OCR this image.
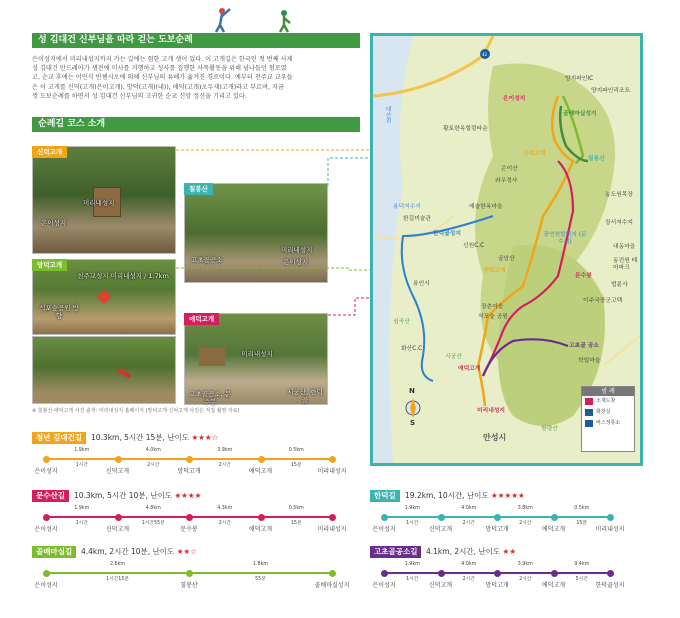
성 김대건 신부님을 따라 걷는 도보순례
은이성지에서 미리내성지까지 가는 길에는 험한 고개 셋이 있다. 이 고개길은 한국인 첫 번째 사제
성 김대건 안드레아가 생전에 미사를 거행하고 성사를 집행한 사목활동을 위해 넘나들던 험로였
고, 순교 후에는 이민식 빈첸시오에 의해 신부님의 유해가 옮겨진 경로이다. 예부터 천주교 교우들
은 이 고개를 신덕(고개)은이고개), 망덕(고개)(내)), 애덕(고개)오두재)고개)라고 부르며, 지금
껏 도보순례를 하면서 성 김대건 신부님의 고귀한 순교 신앙 정신을 기리고 있다.
순례길 코스 소개
미리내성지
은이성지
신덕고개
고초골공소
미리내성지
은이성지
칠봉산
석포숲공원 방향
천주교성지 미리내성지 / 1.7km
망덕고개
미리내성지
고초골공소, 문수봉
시궁산, 한덕골
애덕고개
※ 칠봉산·애덕고개 사진 출처: 미리내성지 홈페이지 (망덕고개·신덕고개 사진은 직접 촬영 자료)
양지파인IC
양지파인리조트
은이성지
골배마실성지
황토한옥힐링타운
신덕고개
칠봉산
은이산
와우정사
농도원목장
예술한옥마을
용덕저수지
한길미술관
한덕골성지
신원C.C
광연천발원지 (문수샘)
장서저수지
골암산
망덕고개
문수봉
내동마을
동진원 테마파크
법륜사
이주국장군고택
용인시
장촌마을
석포숲 공원
심곡산
화산C.C
시궁산
애덕고개
고초골 공소
학일마을
미리내성지
쌍령산
안성시
대산천
N
S
42
범 례
소재드찾
화장실
버스정류소
청년 김대건길	10.3km, 5시간 15분, 난이도 ★★★☆
은이성지	신덕고개	망덕고개	애덕고개	미리내성지
1.9km
1시간
4.0km
2시간
3.9km
2시간
0.5km
15분
문수산길	10.3km, 5시간 10분, 난이도 ★★★★
은이성지	신덕고개	문수봉	애덕고개	미리내성지
1.9km
1시간
4.8km
1시간55분
4.3km
2시간
0.5km
15분
골배마실길	4.4km, 2시간 10분, 난이도 ★★☆
은이성지	칠봉산	골배마실성지
2.6km
1시간15분
1.8km
55분
한덕길	19.2km, 10시간, 난이도 ★★★★★
은이성지	신덕고개	망덕고개	애덕고개	미리내성지
1.9km
1시간
4.0km
2시간
3.8km
2시간
0.5km
15분
고초골공소길	4.1km, 2시간, 난이도 ★★
은이성지	신덕고개	망덕고개	애덕고개	한덕골성지
1.9km
1시간
4.0km
2시간
3.9km
2시간
9.4km
5시간
